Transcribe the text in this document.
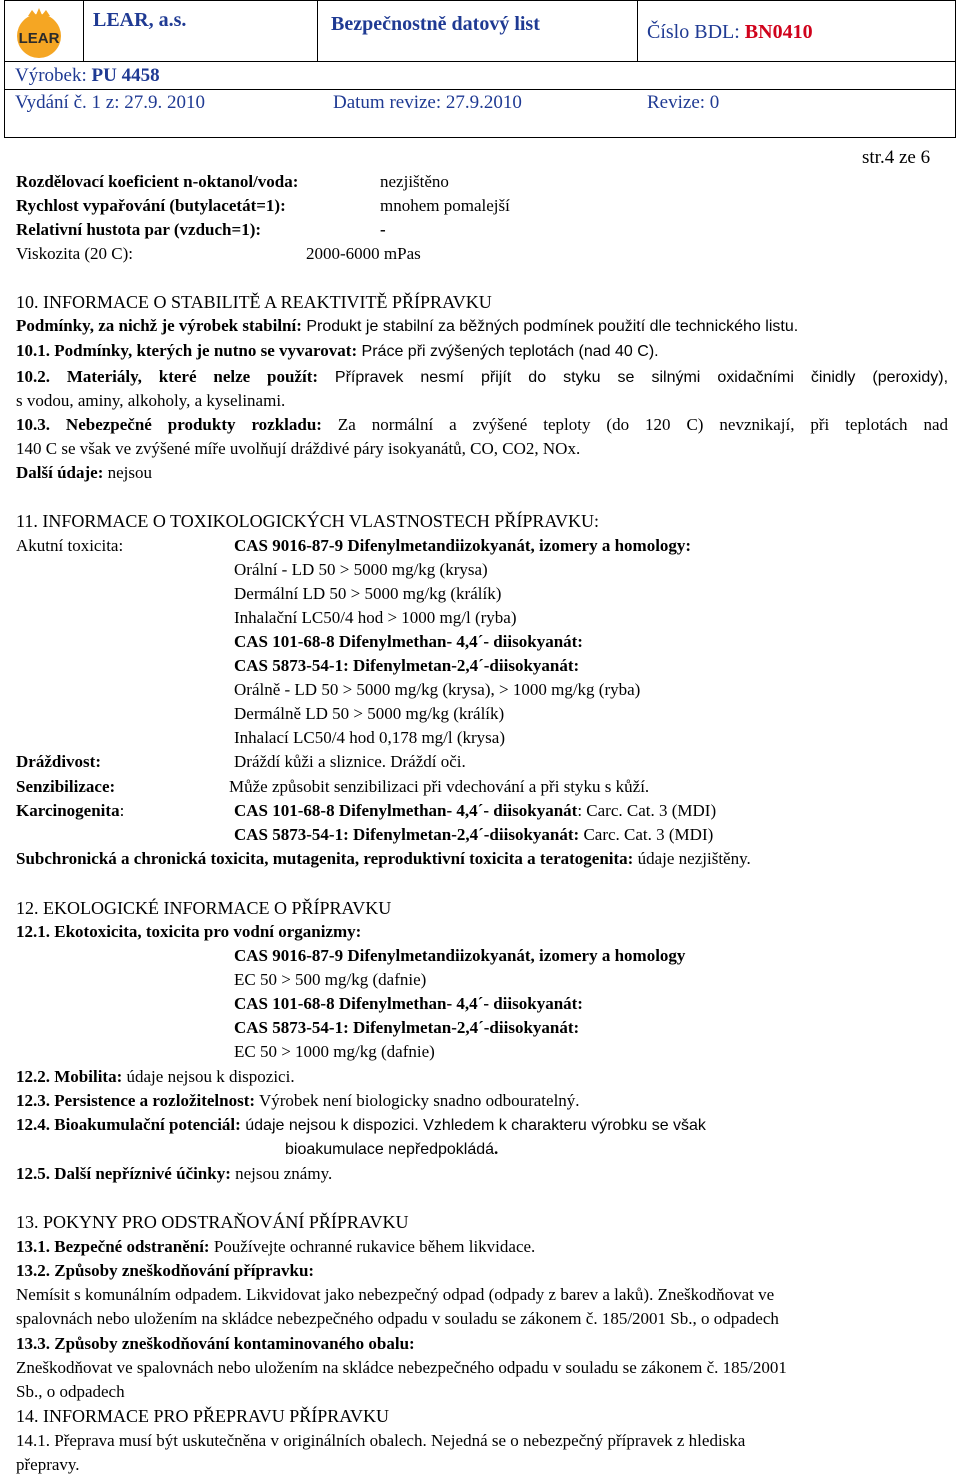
LEAR
LEAR, a.s.	Bezpečnostně datový list	Číslo BDL: BN0410
Výrobek: PU 4458
Vydání č. 1 z: 27.9. 2010	Datum revize: 27.9.2010	Revize: 0
str.4 ze 6
Rozdělovací koeficient n-oktanol/voda:	nezjištěno
Rychlost vypařování (butylacetát=1):	mnohem pomalejší
Relativní hustota par (vzduch=1):	-
Viskozita (20 C):	2000-6000 mPas
10. INFORMACE O STABILITĚ A REAKTIVITĚ PŘÍPRAVKU
Podmínky, za nichž je výrobek stabilní: Produkt je stabilní za běžných podmínek použití dle technického listu.
10.1. Podmínky, kterých je nutno se vyvarovat: Práce při zvýšených teplotách (nad 40 C).
10.2. Materiály, které nelze použít: Přípravek nesmí přijít do styku se silnými oxidačními činidly (peroxidy),
s vodou, aminy, alkoholy, a kyselinami.
10.3. Nebezpečné produkty rozkladu: Za normální a zvýšené teploty (do 120 C) nevznikají, při teplotách nad
140 C se však ve zvýšené míře uvolňují dráždivé páry isokyanátů, CO, CO2, NOx.
Další údaje: nejsou
11. INFORMACE O TOXIKOLOGICKÝCH VLASTNOSTECH PŘÍPRAVKU:
Akutní toxicita:	CAS 9016-87-9 Difenylmetandiizokyanát, izomery a homology:
Orální - LD 50 > 5000 mg/kg (krysa)
Dermální LD 50 > 5000 mg/kg (králík)
Inhalační LC50/4 hod > 1000 mg/l (ryba)
CAS 101-68-8 Difenylmethan- 4,4´- diisokyanát:
CAS 5873-54-1: Difenylmetan-2,4´-diisokyanát:
Orálně - LD 50 > 5000 mg/kg (krysa), > 1000 mg/kg (ryba)
Dermálně LD 50 > 5000 mg/kg (králík)
Inhalací LC50/4 hod 0,178 mg/l (krysa)
Dráždivost:	Dráždí kůži a sliznice. Dráždí oči.
Senzibilizace:	Může způsobit senzibilizaci při vdechování a při styku s kůží.
Karcinogenita:	CAS 101-68-8 Difenylmethan- 4,4´- diisokyanát: Carc. Cat. 3 (MDI)
CAS 5873-54-1: Difenylmetan-2,4´-diisokyanát: Carc. Cat. 3 (MDI)
Subchronická a chronická toxicita, mutagenita, reproduktivní toxicita a teratogenita: údaje nezjištěny.
12. EKOLOGICKÉ INFORMACE O PŘÍPRAVKU
12.1. Ekotoxicita, toxicita pro vodní organizmy:
CAS 9016-87-9 Difenylmetandiizokyanát, izomery a homology
EC 50 > 500 mg/kg (dafnie)
CAS 101-68-8 Difenylmethan- 4,4´- diisokyanát:
CAS 5873-54-1: Difenylmetan-2,4´-diisokyanát:
EC 50 > 1000 mg/kg (dafnie)
12.2. Mobilita: údaje nejsou k dispozici.
12.3. Persistence a rozložitelnost: Výrobek není biologicky snadno odbouratelný.
12.4. Bioakumulační potenciál: údaje nejsou k dispozici. Vzhledem k charakteru výrobku se však
bioakumulace nepředpokládá.
12.5. Další nepříznivé účinky: nejsou známy.
13. POKYNY PRO ODSTRAŇOVÁNÍ PŘÍPRAVKU
13.1. Bezpečné odstranění: Používejte ochranné rukavice během likvidace.
13.2. Způsoby zneškodňování přípravku:
Nemísit s komunálním odpadem. Likvidovat jako nebezpečný odpad (odpady z barev a laků). Zneškodňovat ve
spalovnách nebo uložením na skládce nebezpečného odpadu v souladu se zákonem č. 185/2001 Sb., o odpadech
13.3. Způsoby zneškodňování kontaminovaného obalu:
Zneškodňovat ve spalovnách nebo uložením na skládce nebezpečného odpadu v souladu se zákonem č. 185/2001
Sb., o odpadech
14. INFORMACE PRO PŘEPRAVU PŘÍPRAVKU
14.1. Přeprava musí být uskutečněna v originálních obalech. Nejedná se o nebezpečný přípravek z hlediska
přepravy.
